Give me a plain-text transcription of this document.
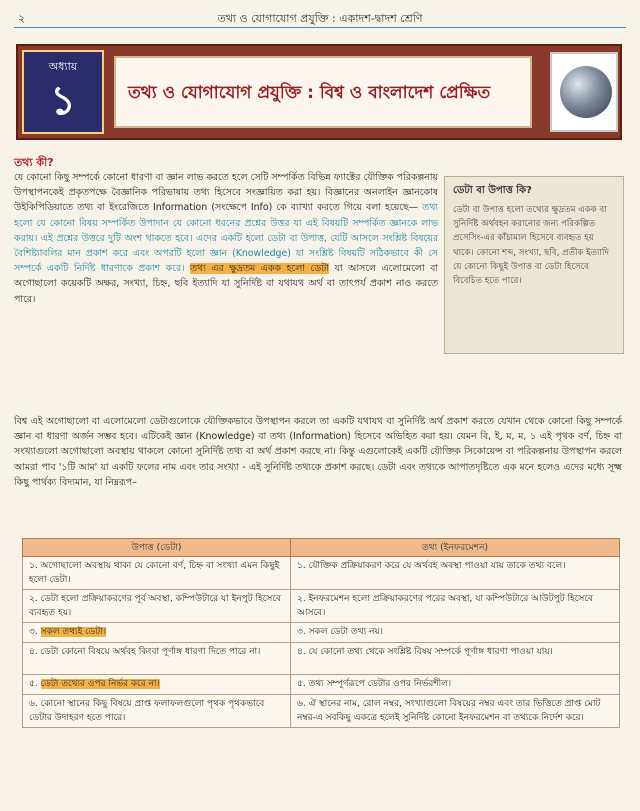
২	তথ্য ও যোগাযোগ প্রযুক্তি : একাদশ-দ্বাদশ শ্রেণি
অধ্যায়
১	তথ্য ও যোগাযোগ প্রযুক্তি : বিশ্ব ও বাংলাদেশ প্রেক্ষিত
তথ্য কী?
যে কোনো কিছু সম্পর্কে কোনো ধারণা বা জ্ঞান লাভ করতে হলে সেটি সম্পর্কিত বিভিন্ন ফ্যাক্টের যৌক্তিক পরিকল্পনায় উপস্থাপনকেই প্রকৃতপক্ষে বৈজ্ঞানিক পরিভাষায় তথ্য হিসেবে সংজ্ঞায়িত করা হয়। বিজ্ঞানের অনলাইন জ্ঞানকোষ উইকিপিডিয়াতে তথ্য বা ইংরেজিতে Information (সংক্ষেপে Info) কে ব্যাখ্যা করতে গিয়ে বলা হয়েছে— তথ্য হলো যে কোনো বিষয় সম্পর্কিত উপাদান যে কোনো ধরনের প্রশ্নের উত্তর যা এই বিষয়টি সম্পর্কিত জ্ঞানকে লাভ করায়। এই প্রশ্নের উত্তরে দুটি অংশ থাকতে হবে। এদের একটি হলো ডেটা বা উপাত্ত, যেটি আসলে সংশ্লিষ্ট বিষয়ের বৈশিষ্ট্যাবলির মান প্রকাশ করে এবং অপরটি হলো জ্ঞান (Knowledge) যা সংশ্লিষ্ট বিষয়টি সঠিকভাবে কী সে সম্পর্কে একটি নির্দিষ্ট ধারণাকে প্রকাশ করে। তথ্য এর ক্ষুদ্রতম একক হলো ডেটা যা আসলে এলোমেলো বা অগোছালো কয়েকটি অক্ষর, সংখ্যা, চিহ্ন, ছবি ইত্যাদি যা সুনির্দিষ্ট বা যথাযথ অর্থ বা তাৎপর্য প্রকাশ নাও করতে পারে।
ডেটা বা উপাত্ত কি?
ডেটা বা উপাত্ত হলো তথ্যের ক্ষুদ্রতম একক বা সুনির্দিষ্ট অর্থবহন করানোর জন্য পরিকল্পিত প্রসেসিং-এর কাঁচামাল হিসেবে ব্যবহৃত হয় থাকে। কোনো শব্দ, সংখ্যা, ছবি, প্রতীক ইত্যাদি যে কোনো কিছুই উপাত্ত বা ডেটা হিসেবে বিবেচিত হতে পারে।
বিশ্ব এই অগোছালো বা এলোমেলো ডেটাগুলোকে যৌক্তিকভাবে উপস্থাপন করলে তা একটি যথাযথ বা সুনির্দিষ্ট অর্থ প্রকাশ করতে যেখান থেকে কোনো কিছু সম্পর্কে জ্ঞান বা ধারণা অর্জন সম্ভব হবে। এটিকেই জ্ঞান (Knowledge) বা তথ্য (Information) হিসেবে অভিহিত করা হয়। যেমন বি, ই, ম, ম, ১ এই পৃথক বর্ণ, চিহ্ন বা সংখ্যাগুলো অগোছালো অবস্থায় থাকলে কোনো সুনির্দিষ্ট তথ্য বা অর্থ প্রকাশ করছে না। কিন্তু এগুলোকেই একটি যৌক্তিক সিকোয়েন্স বা পরিকল্পনায় উপস্থাপন করলে আমরা পাব '১টি আম' যা একটি ফলের নাম এবং তার সংখ্যা - এই সুনির্দিষ্ট তথ্যকে প্রকাশ করছে। ডেটা এবং তথ্যকে আপাতদৃষ্টিতে এক মনে হলেও এদের মধ্যে সূক্ষ্ম কিছু পার্থক্য বিদ্যমান, যা নিম্নরূপ–
উপাত্ত (ডেটা)	তথ্য (ইনফরমেশন)
১. অগোছালো অবস্থায় থাকা যে কোনো বর্ণ, চিহ্ন বা সংখ্যা এমন কিছুই হলো ডেটা।	১. যৌক্তিক প্রক্রিয়াকরণ করে যে অর্থবহ অবস্থা পাওয়া যায় তাকে তথ্য বলে।
২. ডেটা হলো প্রক্রিয়াকরণের পূর্ব অবস্থা, কম্পিউটারে যা ইনপুট হিসেবে ব্যবহৃত হয়।	২. ইনফরমেশন হলো প্রক্রিয়াকরণের পরের অবস্থা, যা কম্পিউটারে আউটপুট হিসেবে আসবে।
৩. সকল তথ্যই ডেটা।	৩. সকল ডেটা তথ্য নয়।
৪. ডেটা কোনো বিষয়ে অর্থবহ কিংবা পূর্ণাঙ্গ ধারণা দিতে পারে না।	৪. যে কোনো তথ্য থেকে সংশ্লিষ্ট বিষয় সম্পর্কে পূর্ণাঙ্গ ধারণা পাওয়া যায়।
৫. ডেটা তথ্যের ওপর নির্ভর করে না।	৫. তথ্য সম্পূর্ণরূপে ডেটার ওপর নির্ভরশীল।
৬. কোনো স্থানের কিছু বিষয়ে প্রাপ্ত ফলাফলগুলো পৃথক পৃথকভাবে ডেটার উদাহরণ হতে পারে।	৬. ঐ স্থানের নাম, রোল নম্বর, সংখ্যাগুলো বিষয়ের নম্বর এবং তার ভিত্তিতে প্রাপ্ত মোট নম্বর-এ সবকিছু একত্রে হলেই সুনির্দিষ্ট কোনো ইনফরমেশন বা তথ্যকে নির্দেশ করে।
